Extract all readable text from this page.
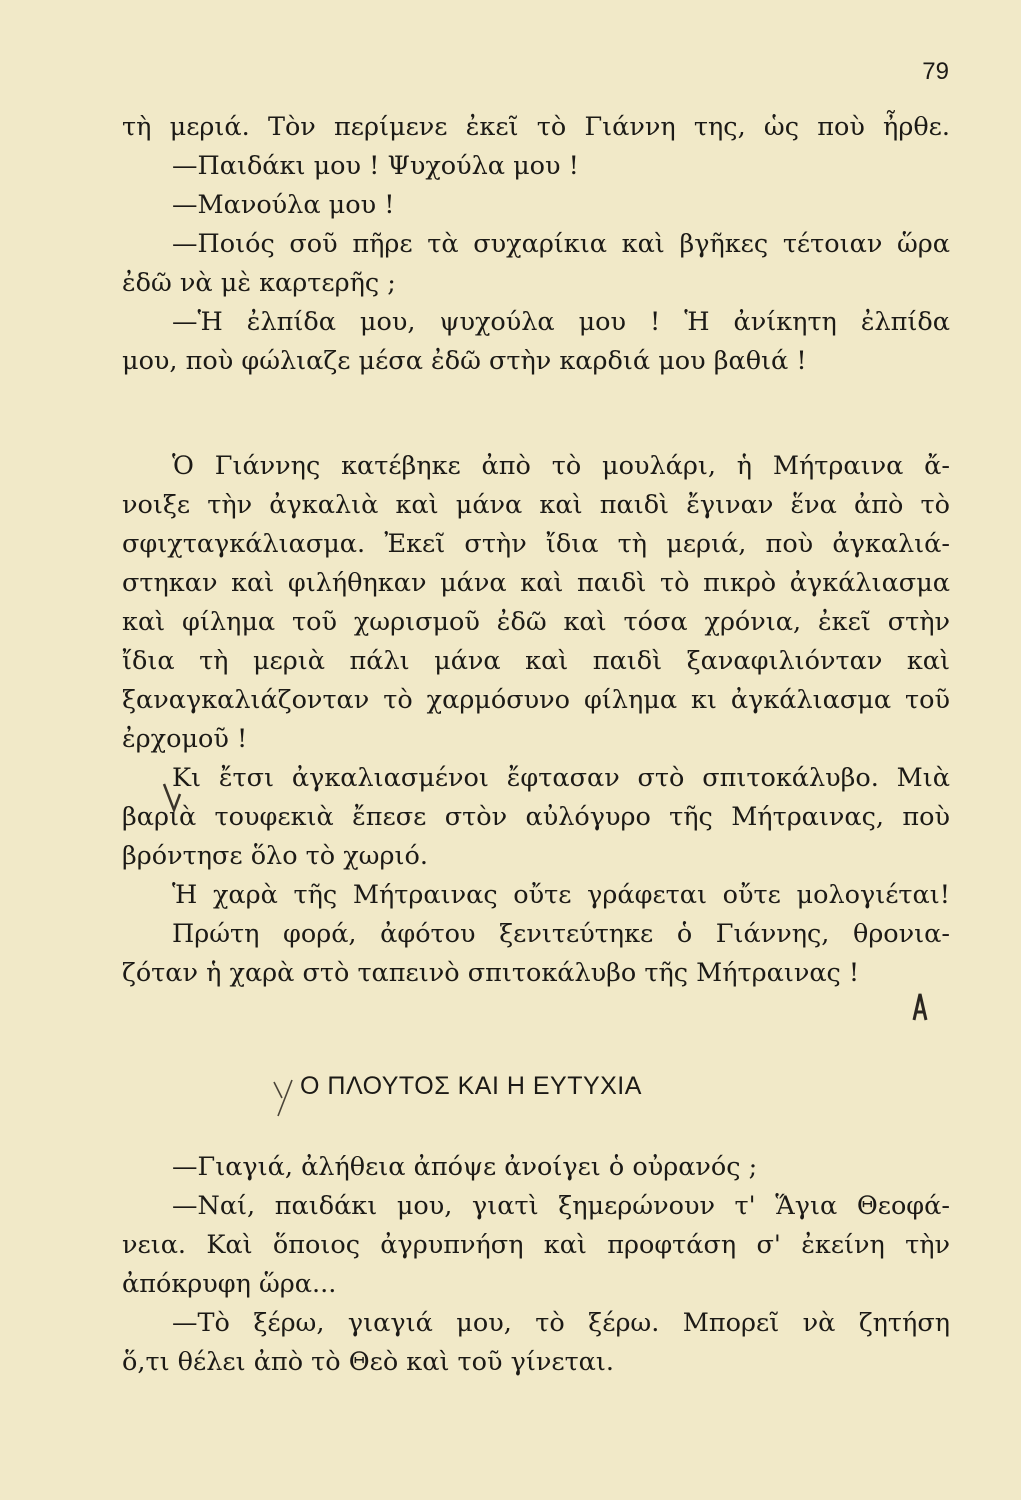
79
τὴ μεριά. Τὸν περίμενε ἐκεῖ τὸ Γιάννη της, ὡς ποὺ ἦρθε.
—Παιδάκι μου ! Ψυχούλα μου !
—Μανούλα μου !
—Ποιός σοῦ πῆρε τὰ συχαρίκια καὶ βγῆκες τέτοιαν ὥρα
ἐδῶ νὰ μὲ καρτερῆς ;
—Ἡ ἐλπίδα μου, ψυχούλα μου ! Ἡ ἀνίκητη ἐλπίδα
μου, ποὺ φώλιαζε μέσα ἐδῶ στὴν καρδιά μου βαθιά !
Ὁ Γιάννης κατέβηκε ἀπὸ τὸ μουλάρι, ἡ Μήτραινα ἄ-
νοιξε τὴν ἀγκαλιὰ καὶ μάνα καὶ παιδὶ ἔγιναν ἕνα ἀπὸ τὸ
σφιχταγκάλιασμα. Ἐκεῖ στὴν ἴδια τὴ μεριά, ποὺ ἀγκαλιά-
στηκαν καὶ φιλήθηκαν μάνα καὶ παιδὶ τὸ πικρὸ ἀγκάλιασμα
καὶ φίλημα τοῦ χωρισμοῦ ἐδῶ καὶ τόσα χρόνια, ἐκεῖ στὴν
ἴδια τὴ μεριὰ πάλι μάνα καὶ παιδὶ ξαναφιλιόνταν καὶ
ξαναγκαλιάζονταν τὸ χαρμόσυνο φίλημα κι ἀγκάλιασμα τοῦ
ἐρχομοῦ !
Κι ἔτσι ἀγκαλιασμένοι ἔφτασαν στὸ σπιτοκάλυβο. Μιὰ
βαριὰ τουφεκιὰ ἔπεσε στὸν αὐλόγυρο τῆς Μήτραινας, ποὺ
βρόντησε ὅλο τὸ χωριό.
Ἡ χαρὰ τῆς Μήτραινας οὔτε γράφεται οὔτε μολογιέται!
Πρώτη φορά, ἀφότου ξενιτεύτηκε ὁ Γιάννης, θρονια-
ζόταν ἡ χαρὰ στὸ ταπεινὸ σπιτοκάλυβο τῆς Μήτραινας !
Ο ΠΛΟΥΤΟΣ ΚΑΙ Η ΕΥΤΥΧΙΑ
—Γιαγιά, ἀλήθεια ἀπόψε ἀνοίγει ὁ οὐρανός ;
—Ναί, παιδάκι μου, γιατὶ ξημερώνουν τ' Ἅγια Θεοφά-
νεια. Καὶ ὅποιος ἀγρυπνήση καὶ προφτάση σ' ἐκείνη τὴν
ἀπόκρυφη ὥρα...
—Τὸ ξέρω, γιαγιά μου, τὸ ξέρω. Μπορεῖ νὰ ζητήση
ὅ,τι θέλει ἀπὸ τὸ Θεὸ καὶ τοῦ γίνεται.
